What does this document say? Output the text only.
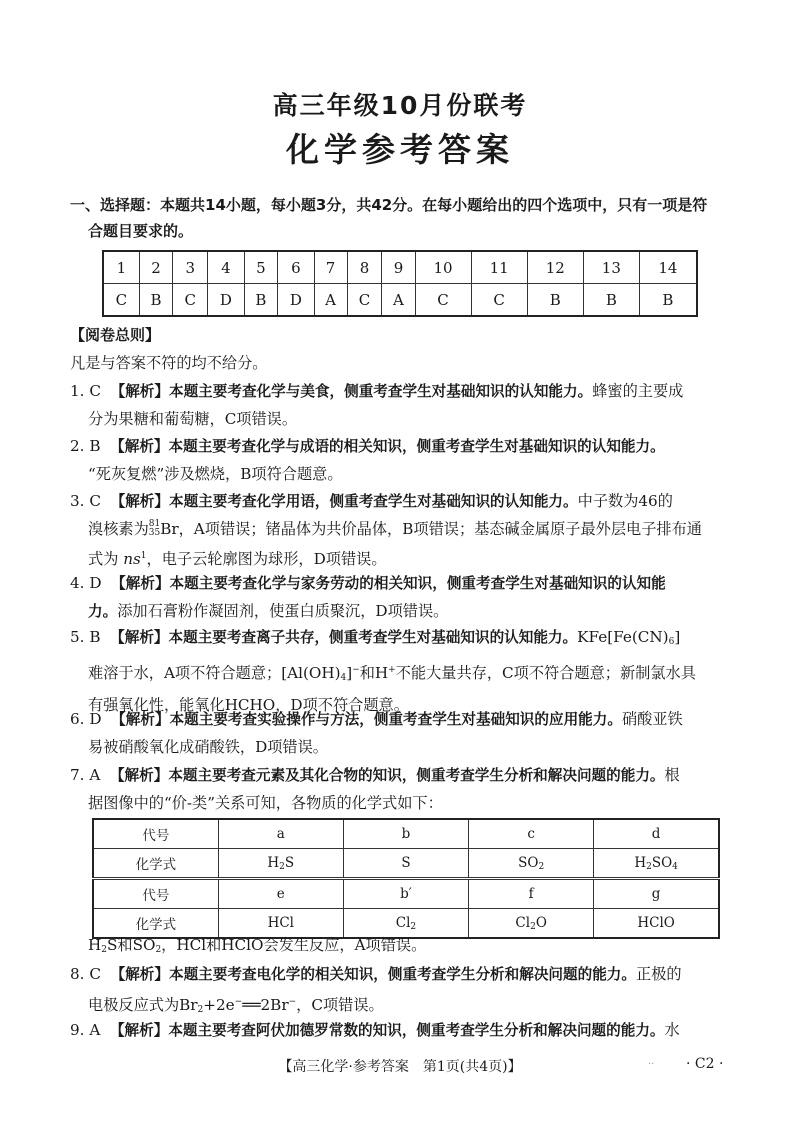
高三年级10月份联考
化学参考答案
一、选择题：本题共14小题，每小题3分，共42分。在每小题给出的四个选项中，只有一项是符
合题目要求的。
1	2	3	4	5	6	7	8	9	10	11	12	13	14
C	B	C	D	B	D	A	C	A	C	C	B	B	B
【阅卷总则】
凡是与答案不符的均不给分。
1. C 【解析】本题主要考查化学与美食，侧重考查学生对基础知识的认知能力。蜂蜜的主要成
分为果糖和葡萄糖，C项错误。
2. B 【解析】本题主要考查化学与成语的相关知识，侧重考查学生对基础知识的认知能力。
“死灰复燃”涉及燃烧，B项符合题意。
3. C 【解析】本题主要考查化学用语，侧重考查学生对基础知识的认知能力。中子数为46的
溴核素为81
35Br，A项错误；锗晶体为共价晶体，B项错误；基态碱金属原子最外层电子排布通
式为 $ns^1$，电子云轮廓图为球形，D项错误。
4. D 【解析】本题主要考查化学与家务劳动的相关知识，侧重考查学生对基础知识的认知能
力。添加石膏粉作凝固剂，使蛋白质聚沉，D项错误。
5. B 【解析】本题主要考查离子共存，侧重考查学生对基础知识的认知能力。$KFe[Fe(CN)_6]$
难溶于水，A项不符合题意；$[Al(OH)_4]^-$和H+不能大量共存，C项不符合题意；新制氯水具
有强氧化性，能氧化HCHO，D项不符合题意。
6. D 【解析】本题主要考查实验操作与方法，侧重考查学生对基础知识的应用能力。硝酸亚铁
易被硝酸氧化成硝酸铁，D项错误。
7. A 【解析】本题主要考查元素及其化合物的知识，侧重考查学生分析和解决问题的能力。根
据图像中的“价-类”关系可知，各物质的化学式如下：
代号	a	b	c	d
化学式	$H_2S$	S	$SO_2$	$H_2SO_4$
代号	e	b′	f	g
化学式	HCl	$Cl_2$	$Cl_2O$	HClO
$H_2S$和$SO_2$，HCl和HClO会发生反应，A项错误。
8. C 【解析】本题主要考查电化学的相关知识，侧重考查学生分析和解决问题的能力。正极的
电极反应式为$Br_2+2e^-══2Br^-$，C项错误。
9. A 【解析】本题主要考查阿伏加德罗常数的知识，侧重考查学生分析和解决问题的能力。水
【高三化学·参考答案　第1页(共4页)】	.. · C2 ·
